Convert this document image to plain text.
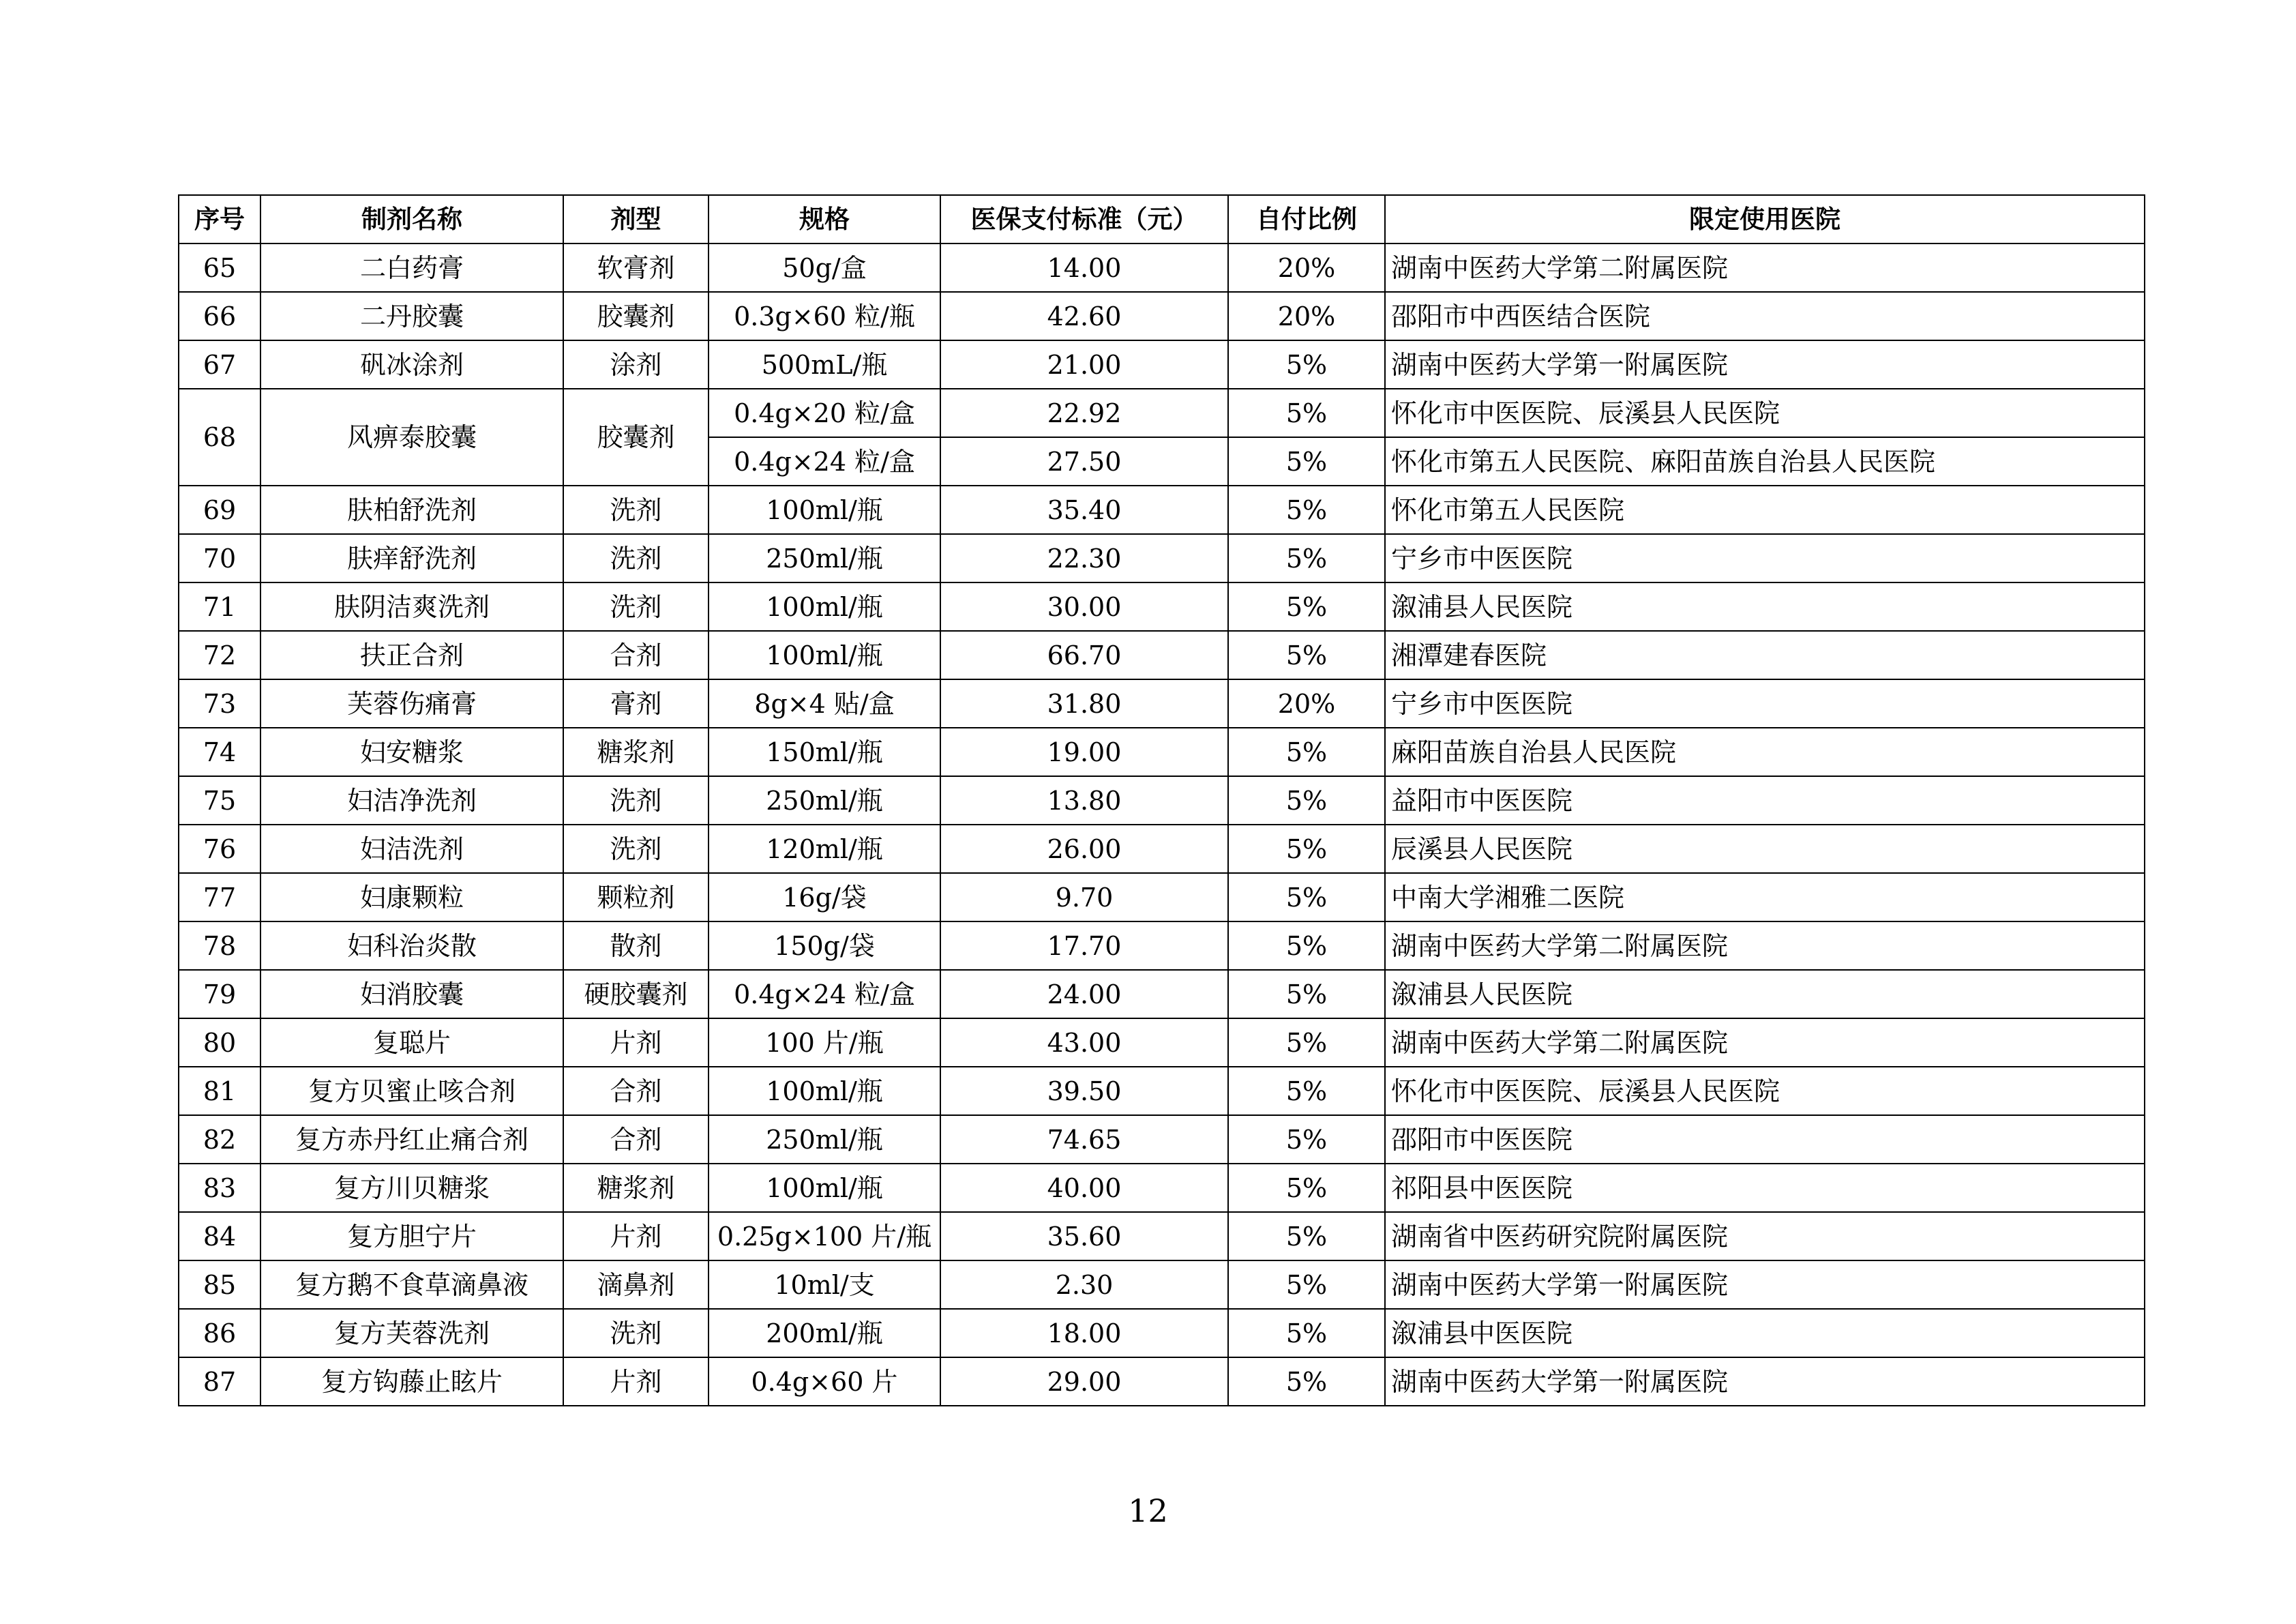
序号	制剂名称	剂型	规格	医保支付标准（元）	自付比例	限定使用医院
65	二白药膏	软膏剂	50g/盒	14.00	20%	湖南中医药大学第二附属医院
66	二丹胶囊	胶囊剂	0.3g×60 粒/瓶	42.60	20%	邵阳市中西医结合医院
67	矾冰涂剂	涂剂	500mL/瓶	21.00	5%	湖南中医药大学第一附属医院
68	风痹泰胶囊	胶囊剂	0.4g×20 粒/盒	22.92	5%	怀化市中医医院、辰溪县人民医院
			0.4g×24 粒/盒	27.50	5%	怀化市第五人民医院、麻阳苗族自治县人民医院
69	肤柏舒洗剂	洗剂	100ml/瓶	35.40	5%	怀化市第五人民医院
70	肤痒舒洗剂	洗剂	250ml/瓶	22.30	5%	宁乡市中医医院
71	肤阴洁爽洗剂	洗剂	100ml/瓶	30.00	5%	溆浦县人民医院
72	扶正合剂	合剂	100ml/瓶	66.70	5%	湘潭建春医院
73	芙蓉伤痛膏	膏剂	8g×4 贴/盒	31.80	20%	宁乡市中医医院
74	妇安糖浆	糖浆剂	150ml/瓶	19.00	5%	麻阳苗族自治县人民医院
75	妇洁净洗剂	洗剂	250ml/瓶	13.80	5%	益阳市中医医院
76	妇洁洗剂	洗剂	120ml/瓶	26.00	5%	辰溪县人民医院
77	妇康颗粒	颗粒剂	16g/袋	9.70	5%	中南大学湘雅二医院
78	妇科治炎散	散剂	150g/袋	17.70	5%	湖南中医药大学第二附属医院
79	妇消胶囊	硬胶囊剂	0.4g×24 粒/盒	24.00	5%	溆浦县人民医院
80	复聪片	片剂	100 片/瓶	43.00	5%	湖南中医药大学第二附属医院
81	复方贝蜜止咳合剂	合剂	100ml/瓶	39.50	5%	怀化市中医医院、辰溪县人民医院
82	复方赤丹红止痛合剂	合剂	250ml/瓶	74.65	5%	邵阳市中医医院
83	复方川贝糖浆	糖浆剂	100ml/瓶	40.00	5%	祁阳县中医医院
84	复方胆宁片	片剂	0.25g×100 片/瓶	35.60	5%	湖南省中医药研究院附属医院
85	复方鹅不食草滴鼻液	滴鼻剂	10ml/支	2.30	5%	湖南中医药大学第一附属医院
86	复方芙蓉洗剂	洗剂	200ml/瓶	18.00	5%	溆浦县中医医院
87	复方钩藤止眩片	片剂	0.4g×60 片	29.00	5%	湖南中医药大学第一附属医院
12
